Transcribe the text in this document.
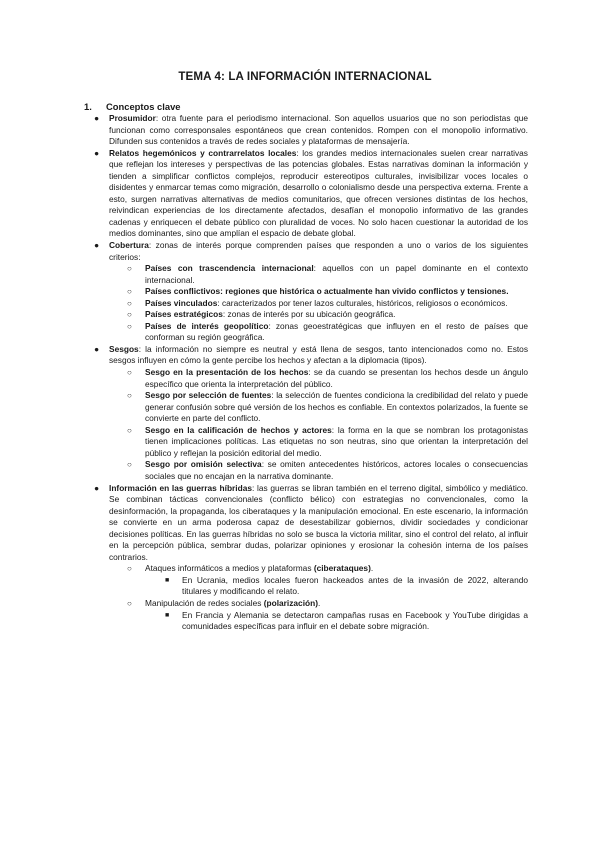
TEMA 4: LA INFORMACIÓN INTERNACIONAL

1. Conceptos clave

● Prosumidor: otra fuente para el periodismo internacional. Son aquellos usuarios que no son periodistas que funcionan como corresponsales espontáneos que crean contenidos. Rompen con el monopolio informativo. Difunden sus contenidos a través de redes sociales y plataformas de mensajería.
● Relatos hegemónicos y contrarrelatos locales: los grandes medios internacionales suelen crear narrativas que reflejan los intereses y perspectivas de las potencias globales. Estas narrativas dominan la información y tienden a simplificar conflictos complejos, reproducir estereotipos culturales, invisibilizar voces locales o disidentes y enmarcar temas como migración, desarrollo o colonialismo desde una perspectiva externa. Frente a esto, surgen narrativas alternativas de medios comunitarios, que ofrecen versiones distintas de los hechos, reivindican experiencias de los directamente afectados, desafían el monopolio informativo de las grandes cadenas y enriquecen el debate público con pluralidad de voces. No solo hacen cuestionar la autoridad de los medios dominantes, sino que amplían el espacio de debate global.
● Cobertura: zonas de interés porque comprenden países que responden a uno o varios de los siguientes criterios:
○ Países con trascendencia internacional: aquellos con un papel dominante en el contexto internacional.
○ Países conflictivos: regiones que histórica o actualmente han vivido conflictos y tensiones.
○ Países vinculados: caracterizados por tener lazos culturales, históricos, religiosos o económicos.
○ Países estratégicos: zonas de interés por su ubicación geográfica.
○ Países de interés geopolítico: zonas geoestratégicas que influyen en el resto de países que conforman su región geográfica.
● Sesgos: la información no siempre es neutral y está llena de sesgos, tanto intencionados como no. Estos sesgos influyen en cómo la gente percibe los hechos y afectan a la diplomacia (tipos).
○ Sesgo en la presentación de los hechos: se da cuando se presentan los hechos desde un ángulo específico que orienta la interpretación del público.
○ Sesgo por selección de fuentes: la selección de fuentes condiciona la credibilidad del relato y puede generar confusión sobre qué versión de los hechos es confiable. En contextos polarizados, la fuente se convierte en parte del conflicto.
○ Sesgo en la calificación de hechos y actores: la forma en la que se nombran los protagonistas tienen implicaciones políticas. Las etiquetas no son neutras, sino que orientan la interpretación del público y reflejan la posición editorial del medio.
○ Sesgo por omisión selectiva: se omiten antecedentes históricos, actores locales o consecuencias sociales que no encajan en la narrativa dominante.
● Información en las guerras híbridas: las guerras se libran también en el terreno digital, simbólico y mediático. Se combinan tácticas convencionales (conflicto bélico) con estrategias no convencionales, como la desinformación, la propaganda, los ciberataques y la manipulación emocional. En este escenario, la información se convierte en un arma poderosa capaz de desestabilizar gobiernos, dividir sociedades y condicionar decisiones políticas. En las guerras híbridas no solo se busca la victoria militar, sino el control del relato, al influir en la percepción pública, sembrar dudas, polarizar opiniones y erosionar la cohesión interna de los países contrarios.
○ Ataques informáticos a medios y plataformas (ciberataques).
■ En Ucrania, medios locales fueron hackeados antes de la invasión de 2022, alterando titulares y modificando el relato.
○ Manipulación de redes sociales (polarización).
■ En Francia y Alemania se detectaron campañas rusas en Facebook y YouTube dirigidas a comunidades específicas para influir en el debate sobre migración.
